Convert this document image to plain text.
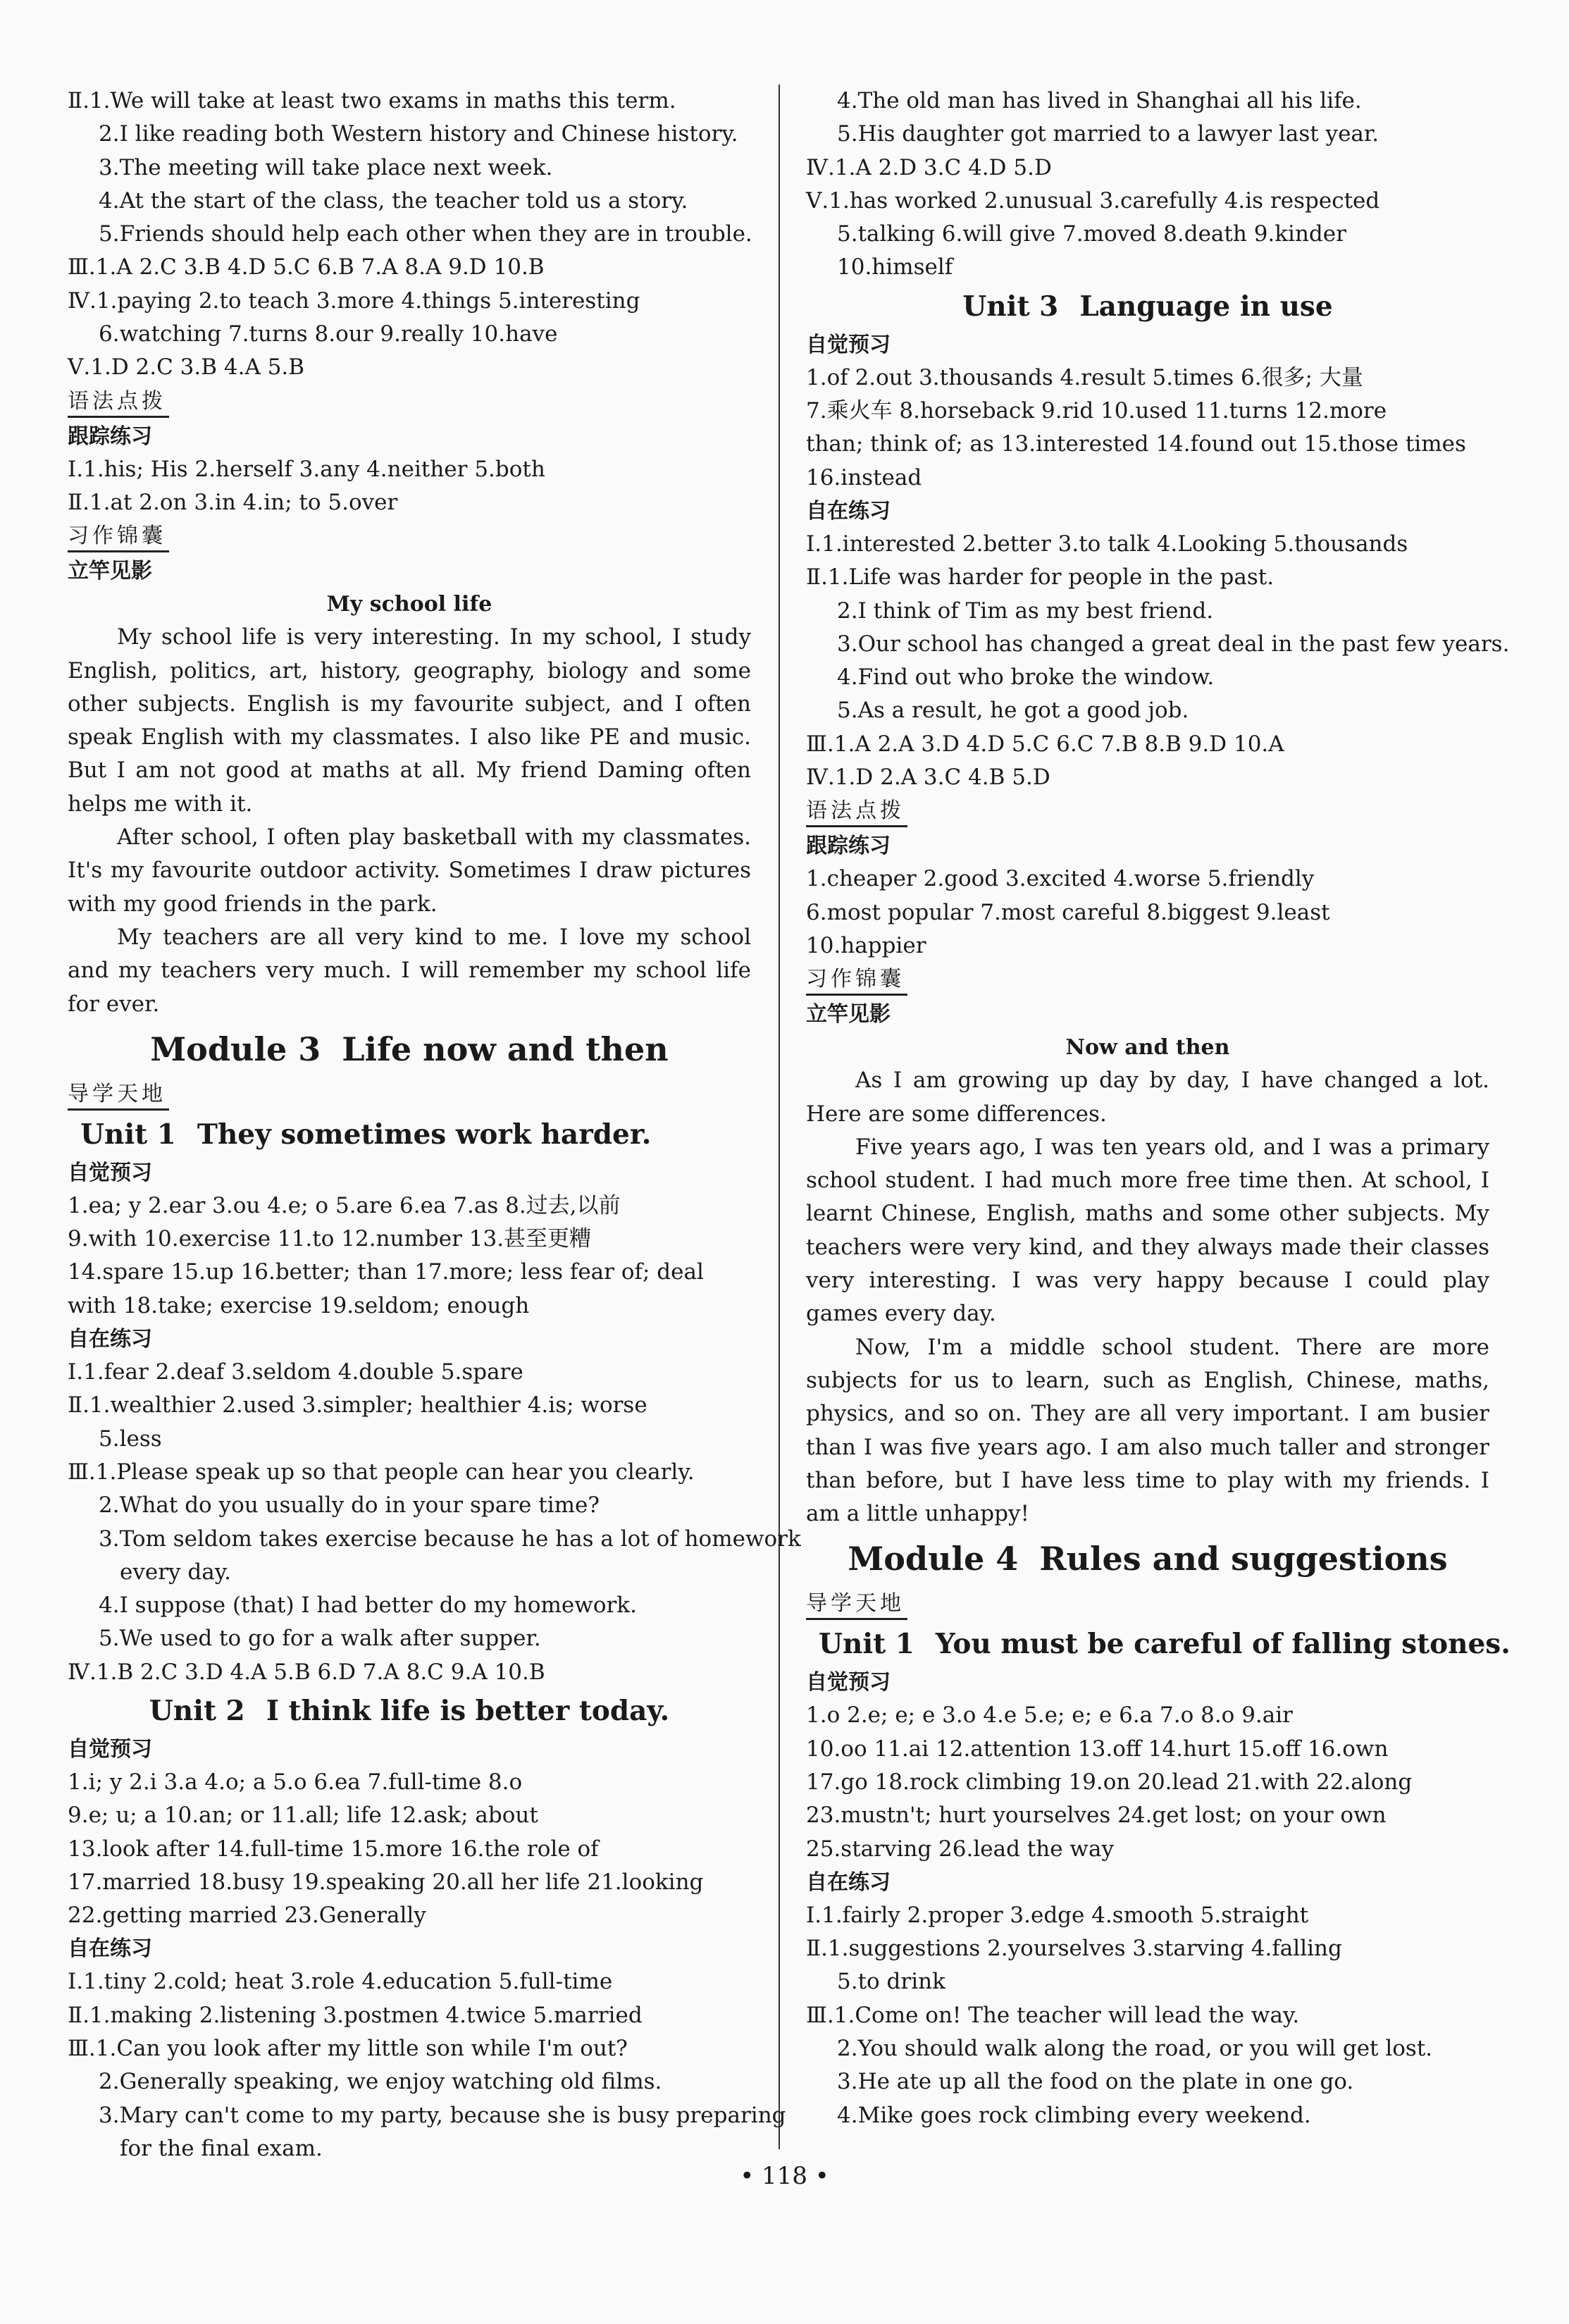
Ⅱ.1.We will take at least two exams in maths this term.
2.I like reading both Western history and Chinese history.
3.The meeting will take place next week.
4.At the start of the class, the teacher told us a story.
5.Friends should help each other when they are in trouble.
Ⅲ.1.A 2.C 3.B 4.D 5.C 6.B 7.A 8.A 9.D 10.B
Ⅳ.1.paying 2.to teach 3.more 4.things 5.interesting
6.watching 7.turns 8.our 9.really 10.have
Ⅴ.1.D 2.C 3.B 4.A 5.B
语法点拨
跟踪练习
Ⅰ.1.his; His 2.herself 3.any 4.neither 5.both
Ⅱ.1.at 2.on 3.in 4.in; to 5.over
习作锦囊
立竿见影
My school life

My school life is very interesting. In my school, I study English, politics, art, history, geography, biology and some other subjects. English is my favourite subject, and I often speak English with my classmates. I also like PE and music. But I am not good at maths at all. My friend Daming often helps me with it.

After school, I often play basketball with my classmates. It's my favourite outdoor activity. Sometimes I draw pictures with my good friends in the park.

My teachers are all very kind to me. I love my school and my teachers very much. I will remember my school life for ever.

Module 3 Life now and then
导学天地
Unit 1 They sometimes work harder.
自觉预习
1.ea; y 2.ear 3.ou 4.e; o 5.are 6.ea 7.as 8.过去,以前
9.with 10.exercise 11.to 12.number 13.甚至更糟
14.spare 15.up 16.better; than 17.more; less fear of; deal
with 18.take; exercise 19.seldom; enough
自在练习
Ⅰ.1.fear 2.deaf 3.seldom 4.double 5.spare
Ⅱ.1.wealthier 2.used 3.simpler; healthier 4.is; worse
5.less
Ⅲ.1.Please speak up so that people can hear you clearly.
2.What do you usually do in your spare time?
3.Tom seldom takes exercise because he has a lot of homework
every day.
4.I suppose (that) I had better do my homework.
5.We used to go for a walk after supper.
Ⅳ.1.B 2.C 3.D 4.A 5.B 6.D 7.A 8.C 9.A 10.B
Unit 2 I think life is better today.
自觉预习
1.i; y 2.i 3.a 4.o; a 5.o 6.ea 7.full-time 8.o
9.e; u; a 10.an; or 11.all; life 12.ask; about
13.look after 14.full-time 15.more 16.the role of
17.married 18.busy 19.speaking 20.all her life 21.looking
22.getting married 23.Generally
自在练习
Ⅰ.1.tiny 2.cold; heat 3.role 4.education 5.full-time
Ⅱ.1.making 2.listening 3.postmen 4.twice 5.married
Ⅲ.1.Can you look after my little son while I'm out?
2.Generally speaking, we enjoy watching old films.
3.Mary can't come to my party, because she is busy preparing
for the final exam.
4.The old man has lived in Shanghai all his life.
5.His daughter got married to a lawyer last year.
Ⅳ.1.A 2.D 3.C 4.D 5.D
Ⅴ.1.has worked 2.unusual 3.carefully 4.is respected
5.talking 6.will give 7.moved 8.death 9.kinder
10.himself
Unit 3 Language in use
自觉预习
1.of 2.out 3.thousands 4.result 5.times 6.很多; 大量
7.乘火车 8.horseback 9.rid 10.used 11.turns 12.more
than; think of; as 13.interested 14.found out 15.those times
16.instead
自在练习
Ⅰ.1.interested 2.better 3.to talk 4.Looking 5.thousands
Ⅱ.1.Life was harder for people in the past.
2.I think of Tim as my best friend.
3.Our school has changed a great deal in the past few years.
4.Find out who broke the window.
5.As a result, he got a good job.
Ⅲ.1.A 2.A 3.D 4.D 5.C 6.C 7.B 8.B 9.D 10.A
Ⅳ.1.D 2.A 3.C 4.B 5.D
语法点拨
跟踪练习
1.cheaper 2.good 3.excited 4.worse 5.friendly
6.most popular 7.most careful 8.biggest 9.least
10.happier
习作锦囊
立竿见影
Now and then

As I am growing up day by day, I have changed a lot. Here are some differences.

Five years ago, I was ten years old, and I was a primary school student. I had much more free time then. At school, I learnt Chinese, English, maths and some other subjects. My teachers were very kind, and they always made their classes very interesting. I was very happy because I could play games every day.

Now, I'm a middle school student. There are more subjects for us to learn, such as English, Chinese, maths, physics, and so on. They are all very important. I am busier than I was five years ago. I am also much taller and stronger than before, but I have less time to play with my friends. I am a little unhappy!

Module 4 Rules and suggestions
导学天地
Unit 1 You must be careful of falling stones.
自觉预习
1.o 2.e; e; e 3.o 4.e 5.e; e; e 6.a 7.o 8.o 9.air
10.oo 11.ai 12.attention 13.off 14.hurt 15.off 16.own
17.go 18.rock climbing 19.on 20.lead 21.with 22.along
23.mustn't; hurt yourselves 24.get lost; on your own
25.starving 26.lead the way
自在练习
Ⅰ.1.fairly 2.proper 3.edge 4.smooth 5.straight
Ⅱ.1.suggestions 2.yourselves 3.starving 4.falling
5.to drink
Ⅲ.1.Come on! The teacher will lead the way.
2.You should walk along the road, or you will get lost.
3.He ate up all the food on the plate in one go.
4.Mike goes rock climbing every weekend.
• 118 •
